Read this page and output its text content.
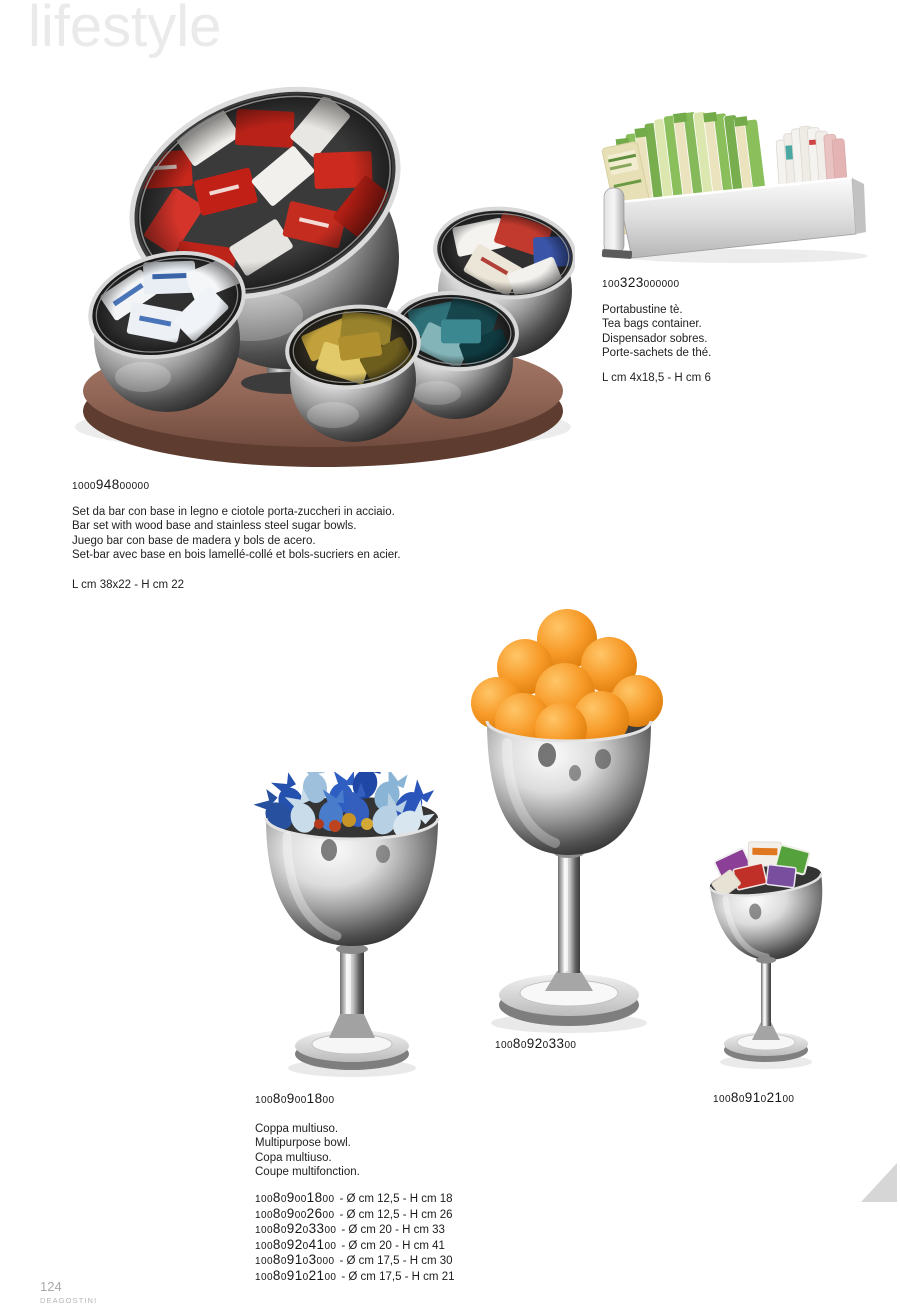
lifestyle
100094800000
Set da bar con base in legno e ciotole porta-zuccheri in acciaio.
Bar set with wood base and stainless steel sugar bowls.
Juego bar con base de madera y bols de acero.
Set-bar avec base en bois lamellé-collé et bols-sucriers en acier.
L cm 38x22 - H cm 22
100323000000
Portabustine tè.
Tea bags container.
Dispensador sobres.
Porte-sachets de thé.
L cm 4x18,5 - H cm 6
100809203300
100809102100
100809001800
Coppa multiuso.
Multipurpose bowl.
Copa multiuso.
Coupe multifonction.
100809001800 - Ø cm 12,5 - H cm 18
100809002600 - Ø cm 12,5 - H cm 26
100809203300 - Ø cm 20 - H cm 33
100809204100 - Ø cm 20 - H cm 41
100809103000 - Ø cm 17,5 - H cm 30
100809102100 - Ø cm 17,5 - H cm 21
124
DEAGOSTINI
